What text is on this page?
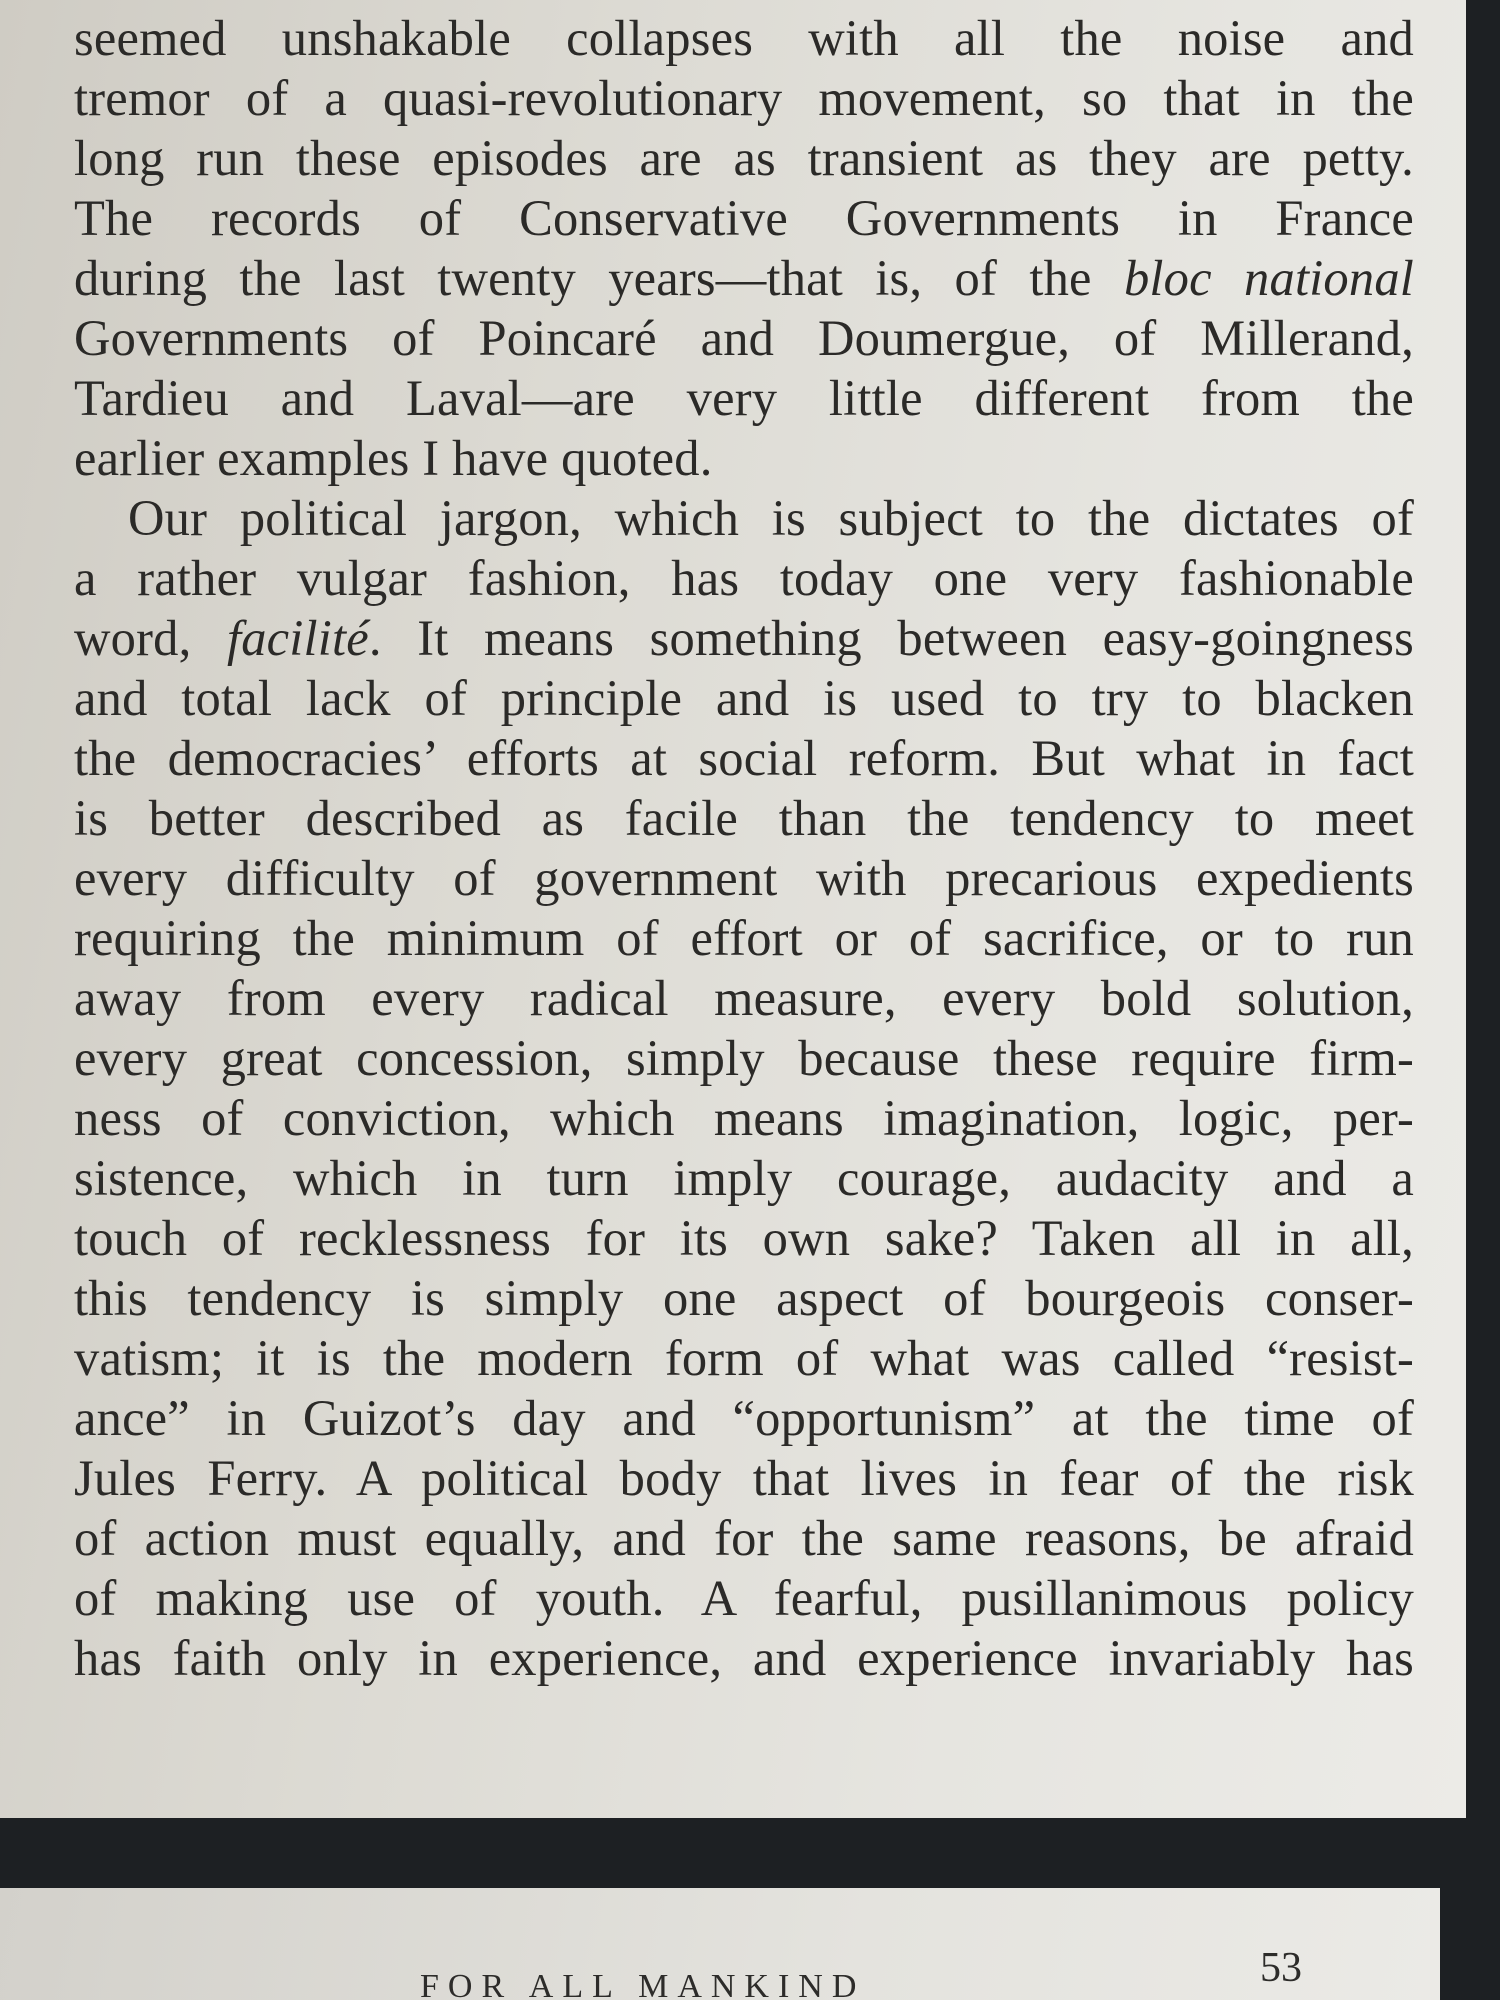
seemed unshakable collapses with all the noise and
tremor of a quasi-revolutionary movement, so that in the
long run these episodes are as transient as they are petty.
The records of Conservative Governments in France
during the last twenty years—that is, of the bloc national
Governments of Poincaré and Doumergue, of Millerand,
Tardieu and Laval—are very little different from the
earlier examples I have quoted.
Our political jargon, which is subject to the dictates of
a rather vulgar fashion, has today one very fashionable
word, facilité. It means something between easy-goingness
and total lack of principle and is used to try to blacken
the democracies’ efforts at social reform. But what in fact
is better described as facile than the tendency to meet
every difficulty of government with precarious expedients
requiring the minimum of effort or of sacrifice, or to run
away from every radical measure, every bold solution,
every great concession, simply because these require firm-
ness of conviction, which means imagination, logic, per-
sistence, which in turn imply courage, audacity and a
touch of recklessness for its own sake? Taken all in all,
this tendency is simply one aspect of bourgeois conser-
vatism; it is the modern form of what was called “resist-
ance” in Guizot’s day and “opportunism” at the time of
Jules Ferry. A political body that lives in fear of the risk
of action must equally, and for the same reasons, be afraid
of making use of youth. A fearful, pusillanimous policy
has faith only in experience, and experience invariably has
FOR ALL MANKIND	53
